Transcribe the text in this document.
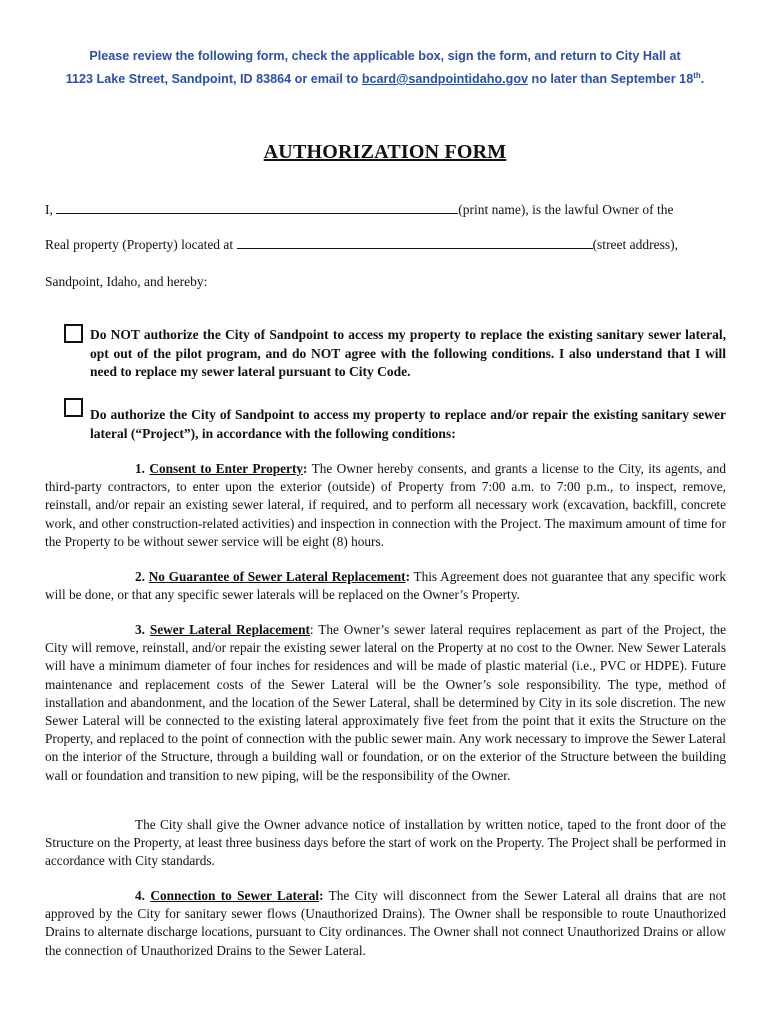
Please review the following form, check the applicable box, sign the form, and return to City Hall at
1123 Lake Street, Sandpoint, ID 83864 or email to bcard@sandpointidaho.gov no later than September 18th.
AUTHORIZATION FORM
I,	(print name), is the lawful Owner of the
Real property (Property) located at	(street address),
Sandpoint, Idaho, and hereby:
Do NOT authorize the City of Sandpoint to access my property to replace the existing sanitary sewer lateral, opt out of the pilot program, and do NOT agree with the following conditions. I also understand that I will need to replace my sewer lateral pursuant to City Code.
Do authorize the City of Sandpoint to access my property to replace and/or repair the existing sanitary sewer lateral (“Project”), in accordance with the following conditions:
1. Consent to Enter Property: The Owner hereby consents, and grants a license to the City, its agents, and third-party contractors, to enter upon the exterior (outside) of Property from 7:00 a.m. to 7:00 p.m., to inspect, remove, reinstall, and/or repair an existing sewer lateral, if required, and to perform all necessary work (excavation, backfill, concrete work, and other construction-related activities) and inspection in connection with the Project. The maximum amount of time for the Property to be without sewer service will be eight (8) hours.
2. No Guarantee of Sewer Lateral Replacement: This Agreement does not guarantee that any specific work will be done, or that any specific sewer laterals will be replaced on the Owner’s Property.
3. Sewer Lateral Replacement: The Owner’s sewer lateral requires replacement as part of the Project, the City will remove, reinstall, and/or repair the existing sewer lateral on the Property at no cost to the Owner. New Sewer Laterals will have a minimum diameter of four inches for residences and will be made of plastic material (i.e., PVC or HDPE). Future maintenance and replacement costs of the Sewer Lateral will be the Owner’s sole responsibility. The type, method of installation and abandonment, and the location of the Sewer Lateral, shall be determined by City in its sole discretion. The new Sewer Lateral will be connected to the existing lateral approximately five feet from the point that it exits the Structure on the Property, and replaced to the point of connection with the public sewer main. Any work necessary to improve the Sewer Lateral on the interior of the Structure, through a building wall or foundation, or on the exterior of the Structure between the building wall or foundation and transition to new piping, will be the responsibility of the Owner.
The City shall give the Owner advance notice of installation by written notice, taped to the front door of the Structure on the Property, at least three business days before the start of work on the Property. The Project shall be performed in accordance with City standards.
4. Connection to Sewer Lateral: The City will disconnect from the Sewer Lateral all drains that are not approved by the City for sanitary sewer flows (Unauthorized Drains). The Owner shall be responsible to route Unauthorized Drains to alternate discharge locations, pursuant to City ordinances. The Owner shall not connect Unauthorized Drains or allow the connection of Unauthorized Drains to the Sewer Lateral.
